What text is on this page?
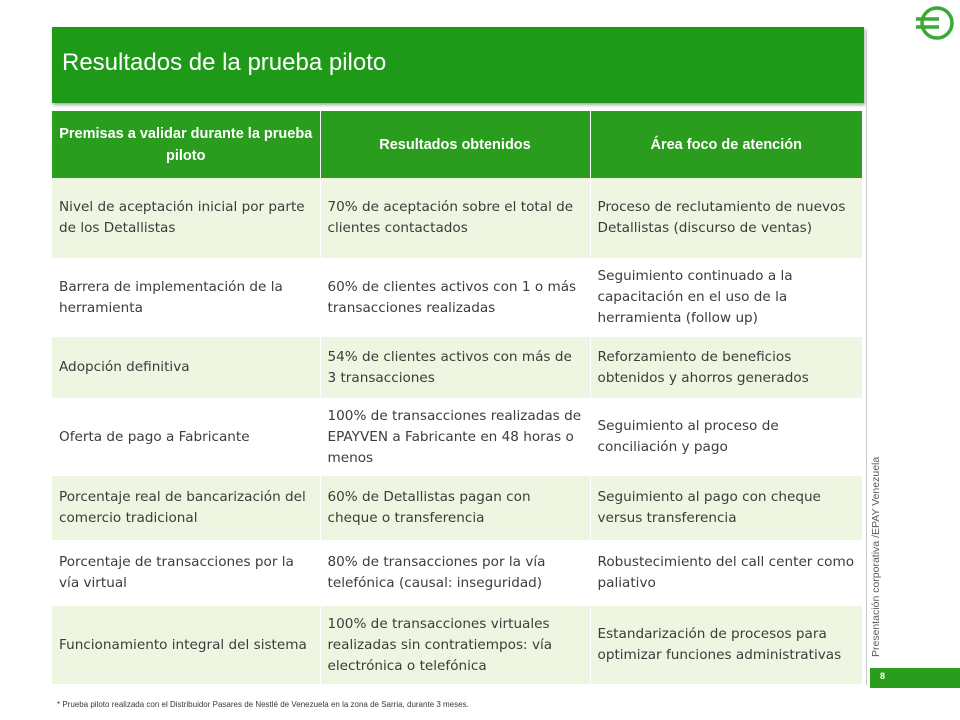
Resultados de la prueba piloto
Presentación corporativa /EPAY Venezuela
8
Premisas a validar durante la prueba piloto	Resultados obtenidos	Área foco de atención
Nivel de aceptación inicial por parte de los Detallistas	70% de aceptación sobre el total de clientes contactados	Proceso de reclutamiento de nuevos Detallistas (discurso de ventas)
Barrera de implementación de la herramienta	60% de clientes activos con 1 o más transacciones realizadas	Seguimiento continuado a la capacitación en el uso de la herramienta (follow up)
Adopción definitiva	54% de clientes activos con más de 3 transacciones	Reforzamiento de beneficios obtenidos y ahorros generados
Oferta de pago a Fabricante	100% de transacciones realizadas de EPAYVEN a Fabricante en 48 horas o menos	Seguimiento al proceso de conciliación y pago
Porcentaje real de bancarización del comercio tradicional	60% de Detallistas pagan con cheque o transferencia	Seguimiento al pago con cheque versus transferencia
Porcentaje de transacciones por la vía virtual	80% de transacciones por la vía telefónica (causal: inseguridad)	Robustecimiento del call center como paliativo
Funcionamiento integral del sistema	100% de transacciones virtuales realizadas sin contratiempos: vía electrónica o telefónica	Estandarización de procesos para optimizar funciones administrativas

* Prueba piloto realizada con el Distribuidor Pasares de Nestlé de Venezuela en la zona de Sarria, durante 3 meses.
